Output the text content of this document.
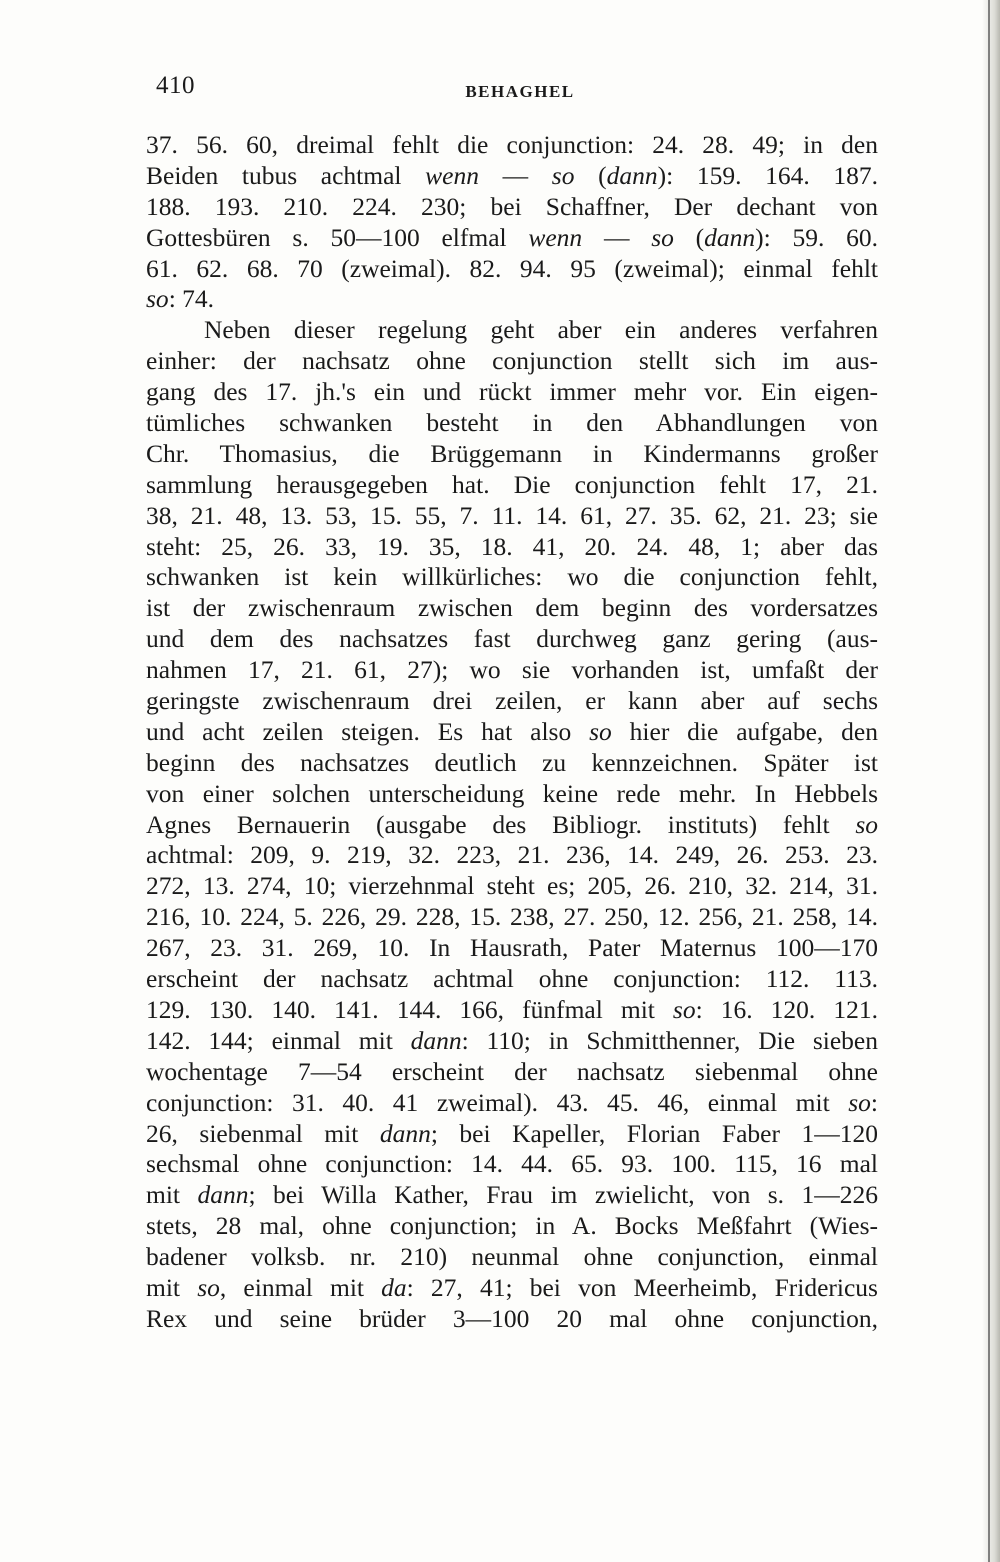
410	BEHAGHEL
37. 56. 60, dreimal fehlt die conjunction: 24. 28. 49; in den
Beiden tubus achtmal wenn — so (dann): 159. 164. 187.
188. 193. 210. 224. 230; bei Schaffner, Der dechant von
Gottesbüren s. 50—100 elfmal wenn — so (dann): 59. 60.
61. 62. 68. 70 (zweimal). 82. 94. 95 (zweimal); einmal fehlt
so: 74.
Neben dieser regelung geht aber ein anderes verfahren
einher: der nachsatz ohne conjunction stellt sich im aus-
gang des 17. jh.'s ein und rückt immer mehr vor. Ein eigen-
tümliches schwanken besteht in den Abhandlungen von
Chr. Thomasius, die Brüggemann in Kindermanns großer
sammlung herausgegeben hat. Die conjunction fehlt 17, 21.
38, 21. 48, 13. 53, 15. 55, 7. 11. 14. 61, 27. 35. 62, 21. 23; sie
steht: 25, 26. 33, 19. 35, 18. 41, 20. 24. 48, 1; aber das
schwanken ist kein willkürliches: wo die conjunction fehlt,
ist der zwischenraum zwischen dem beginn des vordersatzes
und dem des nachsatzes fast durchweg ganz gering (aus-
nahmen 17, 21. 61, 27); wo sie vorhanden ist, umfaßt der
geringste zwischenraum drei zeilen, er kann aber auf sechs
und acht zeilen steigen. Es hat also so hier die aufgabe, den
beginn des nachsatzes deutlich zu kennzeichnen. Später ist
von einer solchen unterscheidung keine rede mehr. In Hebbels
Agnes Bernauerin (ausgabe des Bibliogr. instituts) fehlt so
achtmal: 209, 9. 219, 32. 223, 21. 236, 14. 249, 26. 253. 23.
272, 13. 274, 10; vierzehnmal steht es; 205, 26. 210, 32. 214, 31.
216, 10. 224, 5. 226, 29. 228, 15. 238, 27. 250, 12. 256, 21. 258, 14.
267, 23. 31. 269, 10. In Hausrath, Pater Maternus 100—170
erscheint der nachsatz achtmal ohne conjunction: 112. 113.
129. 130. 140. 141. 144. 166, fünfmal mit so: 16. 120. 121.
142. 144; einmal mit dann: 110; in Schmitthenner, Die sieben
wochentage 7—54 erscheint der nachsatz siebenmal ohne
conjunction: 31. 40. 41 zweimal). 43. 45. 46, einmal mit so:
26, siebenmal mit dann; bei Kapeller, Florian Faber 1—120
sechsmal ohne conjunction: 14. 44. 65. 93. 100. 115, 16 mal
mit dann; bei Willa Kather, Frau im zwielicht, von s. 1—226
stets, 28 mal, ohne conjunction; in A. Bocks Meßfahrt (Wies-
badener volksb. nr. 210) neunmal ohne conjunction, einmal
mit so, einmal mit da: 27, 41; bei von Meerheimb, Fridericus
Rex und seine brüder 3—100 20 mal ohne conjunction,
